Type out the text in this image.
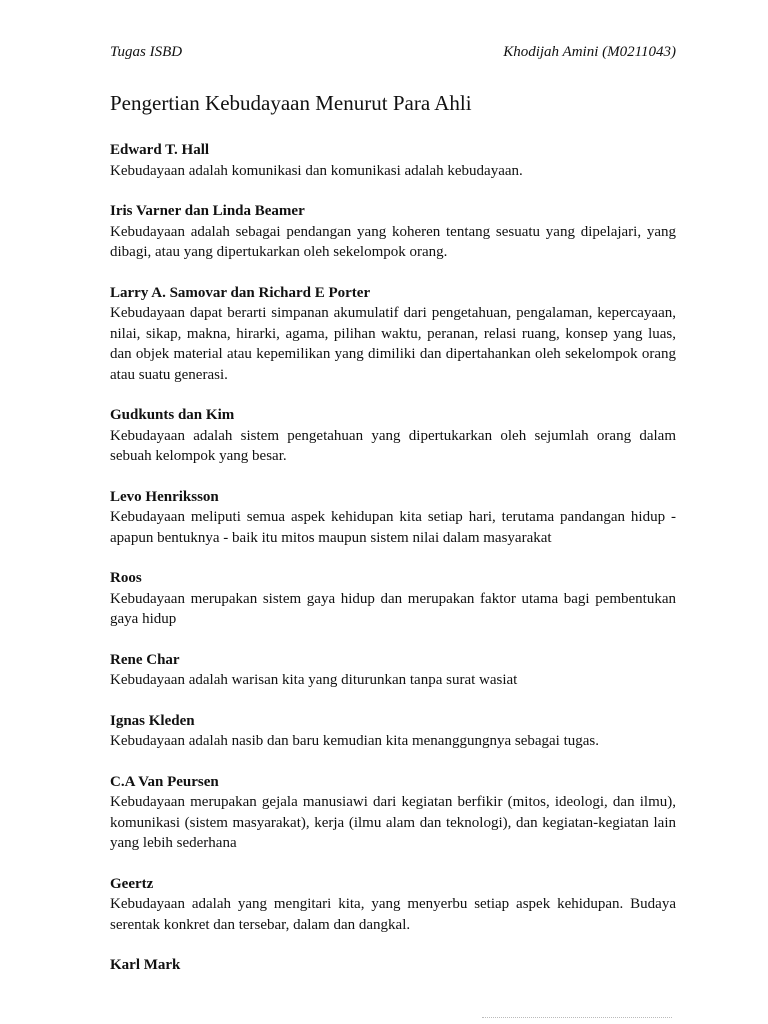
Tugas ISBD	Khodijah Amini (M0211043)
Pengertian Kebudayaan Menurut Para Ahli
Edward T. Hall
Kebudayaan adalah komunikasi dan komunikasi adalah kebudayaan.
Iris Varner dan Linda Beamer
Kebudayaan adalah sebagai pendangan yang koheren tentang sesuatu yang dipelajari, yang dibagi, atau yang dipertukarkan oleh sekelompok orang.
Larry A. Samovar dan Richard E Porter
Kebudayaan dapat berarti simpanan akumulatif dari pengetahuan, pengalaman, kepercayaan, nilai, sikap, makna, hirarki, agama, pilihan waktu, peranan, relasi ruang, konsep yang luas, dan objek material atau kepemilikan yang dimiliki dan dipertahankan oleh sekelompok orang atau suatu generasi.
Gudkunts dan Kim
Kebudayaan adalah sistem pengetahuan yang dipertukarkan oleh sejumlah orang dalam sebuah kelompok yang besar.
Levo Henriksson
Kebudayaan meliputi semua aspek kehidupan kita setiap hari, terutama pandangan hidup - apapun bentuknya - baik itu mitos maupun sistem nilai dalam masyarakat
Roos
Kebudayaan merupakan sistem gaya hidup dan merupakan faktor utama bagi pembentukan gaya hidup
Rene Char
Kebudayaan adalah warisan kita yang diturunkan tanpa surat wasiat
Ignas Kleden
Kebudayaan adalah nasib dan baru kemudian kita menanggungnya sebagai tugas.
C.A Van Peursen
Kebudayaan merupakan gejala manusiawi dari kegiatan berfikir (mitos, ideologi, dan ilmu), komunikasi (sistem masyarakat), kerja (ilmu alam dan teknologi), dan kegiatan-kegiatan lain yang lebih sederhana
Geertz
Kebudayaan adalah yang mengitari kita, yang menyerbu setiap aspek kehidupan. Budaya serentak konkret dan tersebar, dalam dan dangkal.
Karl Mark
